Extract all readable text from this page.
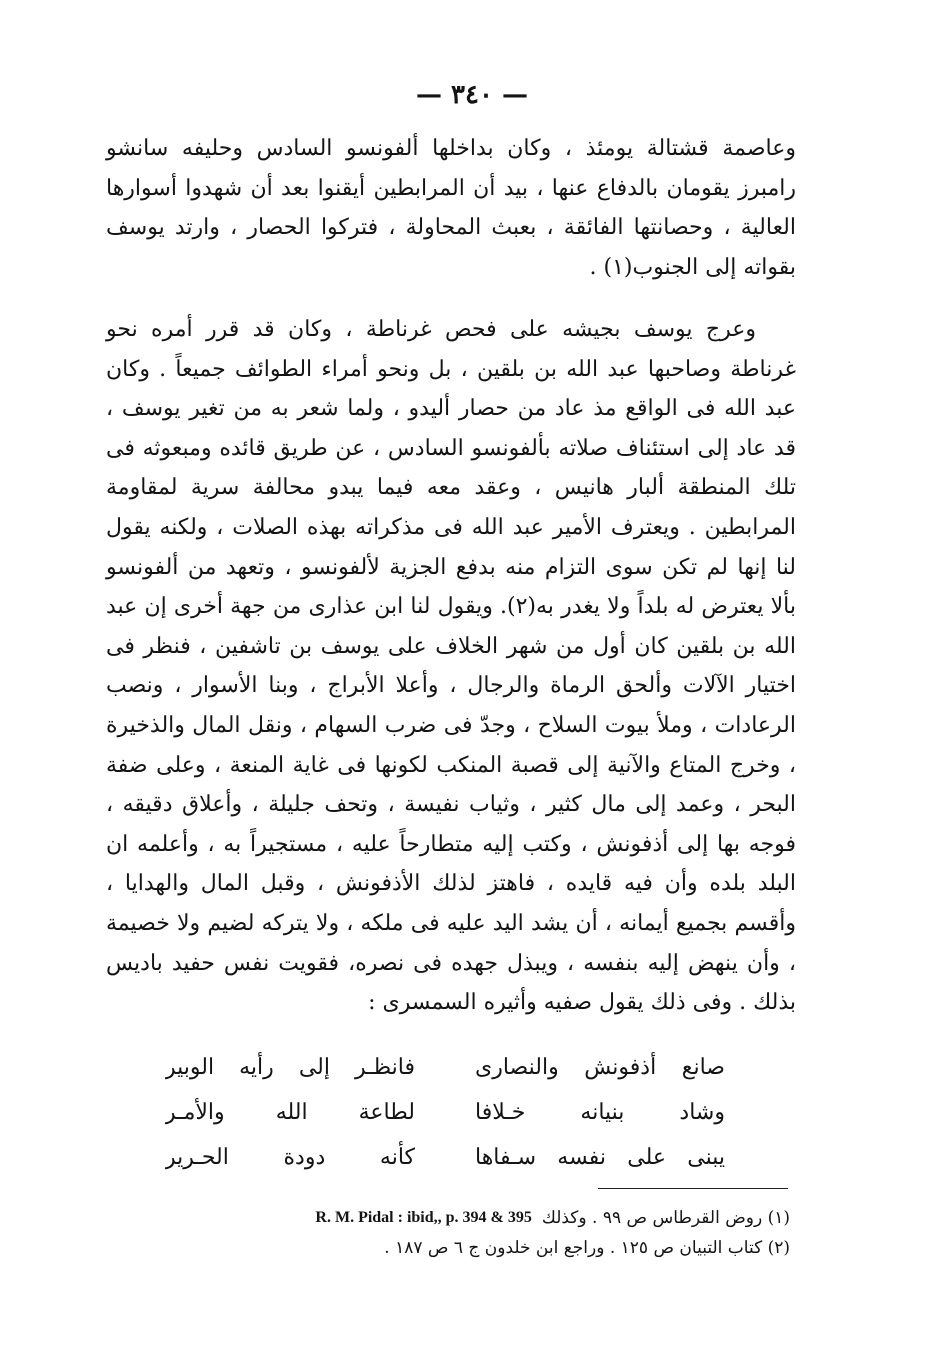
— ٣٤٠ —

وعاصمة قشتالة يومئذ ، وكان بداخلها ألفونسو السادس وحليفه سانشو رامبرز يقومان بالدفاع عنها ، بيد أن المرابطين أيقنوا بعد أن شهدوا أسوارها العالية ، وحصانتها الفائقة ، بعبث المحاولة ، فتركوا الحصار ، وارتد يوسف بقواته إلى الجنوب(١) .

وعرج يوسف بجيشه على فحص غرناطة ، وكان قد قرر أمره نحو غرناطة وصاحبها عبد الله بن بلقين ، بل ونحو أمراء الطوائف جميعاً . وكان عبد الله فى الواقع مذ عاد من حصار أليدو ، ولما شعر به من تغير يوسف ، قد عاد إلى استئناف صلاته بألفونسو السادس ، عن طريق قائده ومبعوثه فى تلك المنطقة ألبار هانيس ، وعقد معه فيما يبدو محالفة سرية لمقاومة المرابطين . ويعترف الأمير عبد الله فى مذكراته بهذه الصلات ، ولكنه يقول لنا إنها لم تكن سوى التزام منه بدفع الجزية لألفونسو ، وتعهد من ألفونسو بألا يعترض له بلداً ولا يغدر به(٢). ويقول لنا ابن عذارى من جهة أخرى إن عبد الله بن بلقين كان أول من شهر الخلاف على يوسف بن تاشفين ، فنظر فى اختيار الآلات وألحق الرماة والرجال ، وأعلا الأبراج ، وبنا الأسوار ، ونصب الرعادات ، وملأ بيوت السلاح ، وجدّ فى ضرب السهام ، ونقل المال والذخيرة ، وخرج المتاع والآنية إلى قصبة المنكب لكونها فى غاية المنعة ، وعلى ضفة البحر ، وعمد إلى مال كثير ، وثياب نفيسة ، وتحف جليلة ، وأعلاق دقيقه ، فوجه بها إلى أذفونش ، وكتب إليه متطارحاً عليه ، مستجيراً به ، وأعلمه ان البلد بلده وأن فيه قايده ، فاهتز لذلك الأذفونش ، وقبل المال والهدايا ، وأقسم بجميع أيمانه ، أن يشد اليد عليه فى ملكه ، ولا يتركه لضيم ولا خصيمة ، وأن ينهض إليه بنفسه ، ويبذل جهده فى نصره، فقويت نفس حفيد باديس بذلك . وفى ذلك يقول صفيه وأثيره السمسرى :

صانع أذفونش والنصارى
فانظـر إلى رأيه الوبير
وشاد بنيانه خـلافا
لطاعة الله والأمـر
يبنى على نفسه سـفاها
كأنه دودة الحـرير
(١) روض القرطاس ص ٩٩ . وكذلك
R. M. Pidal : ibid,, p. 394 & 395
(٢) كتاب التبيان ص ١٢٥ . وراجع ابن خلدون ج ٦ ص ١٨٧ .
